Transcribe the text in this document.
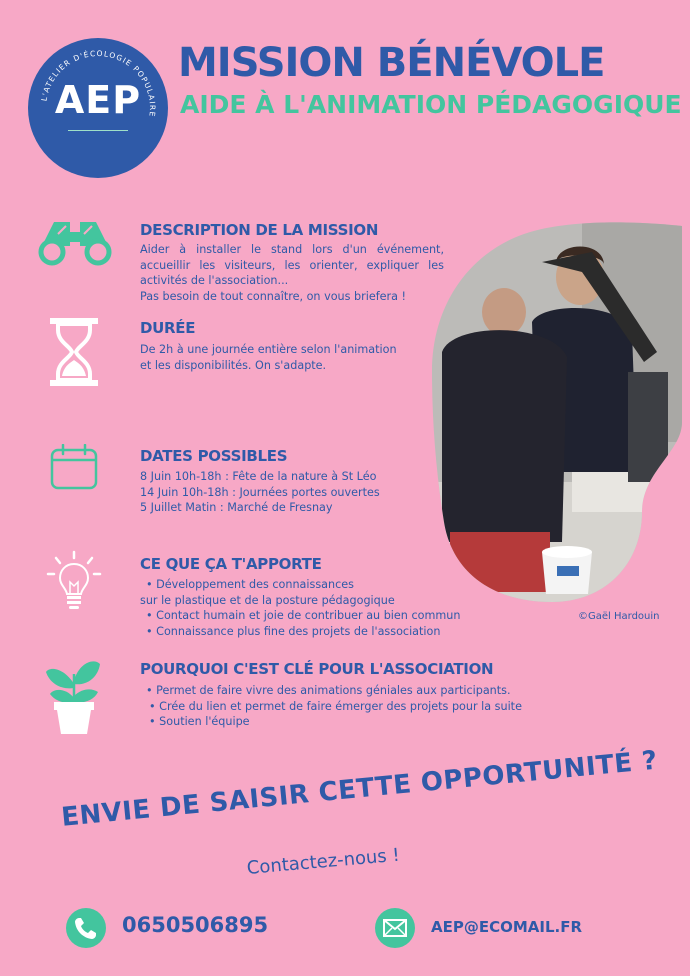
L'ATELIER D'ÉCOLOGIE POPULAIRE
AEP
MISSION BÉNÉVOLE
AIDE À L'ANIMATION PÉDAGOGIQUE
DESCRIPTION DE LA MISSION
Aider à installer le stand lors d'un événement, accueillir les visiteurs, les orienter, expliquer les activités de l'association...
Pas besoin de tout connaître, on vous briefera !
DURÉE
De 2h à une journée entière selon l'animation
et les disponibilités. On s'adapte.
DATES POSSIBLES
8 Juin 10h-18h : Fête de la nature à St Léo
14 Juin 10h-18h : Journées portes ouvertes
5 Juillet Matin : Marché de Fresnay
CE QUE ÇA T'APPORTE
• Développement des connaissances
sur le plastique et de la posture pédagogique
• Contact humain et joie de contribuer au bien commun
• Connaissance plus fine des projets de l'association
POURQUOI C'EST CLÉ POUR L'ASSOCIATION
• Permet de faire vivre des animations géniales aux participants.
• Crée du lien et permet de faire émerger des projets pour la suite
• Soutien l'équipe
©Gaël Hardouin
ENVIE DE SAISIR CETTE OPPORTUNITÉ ?
Contactez-nous !
0650506895	AEP@ECOMAIL.FR
